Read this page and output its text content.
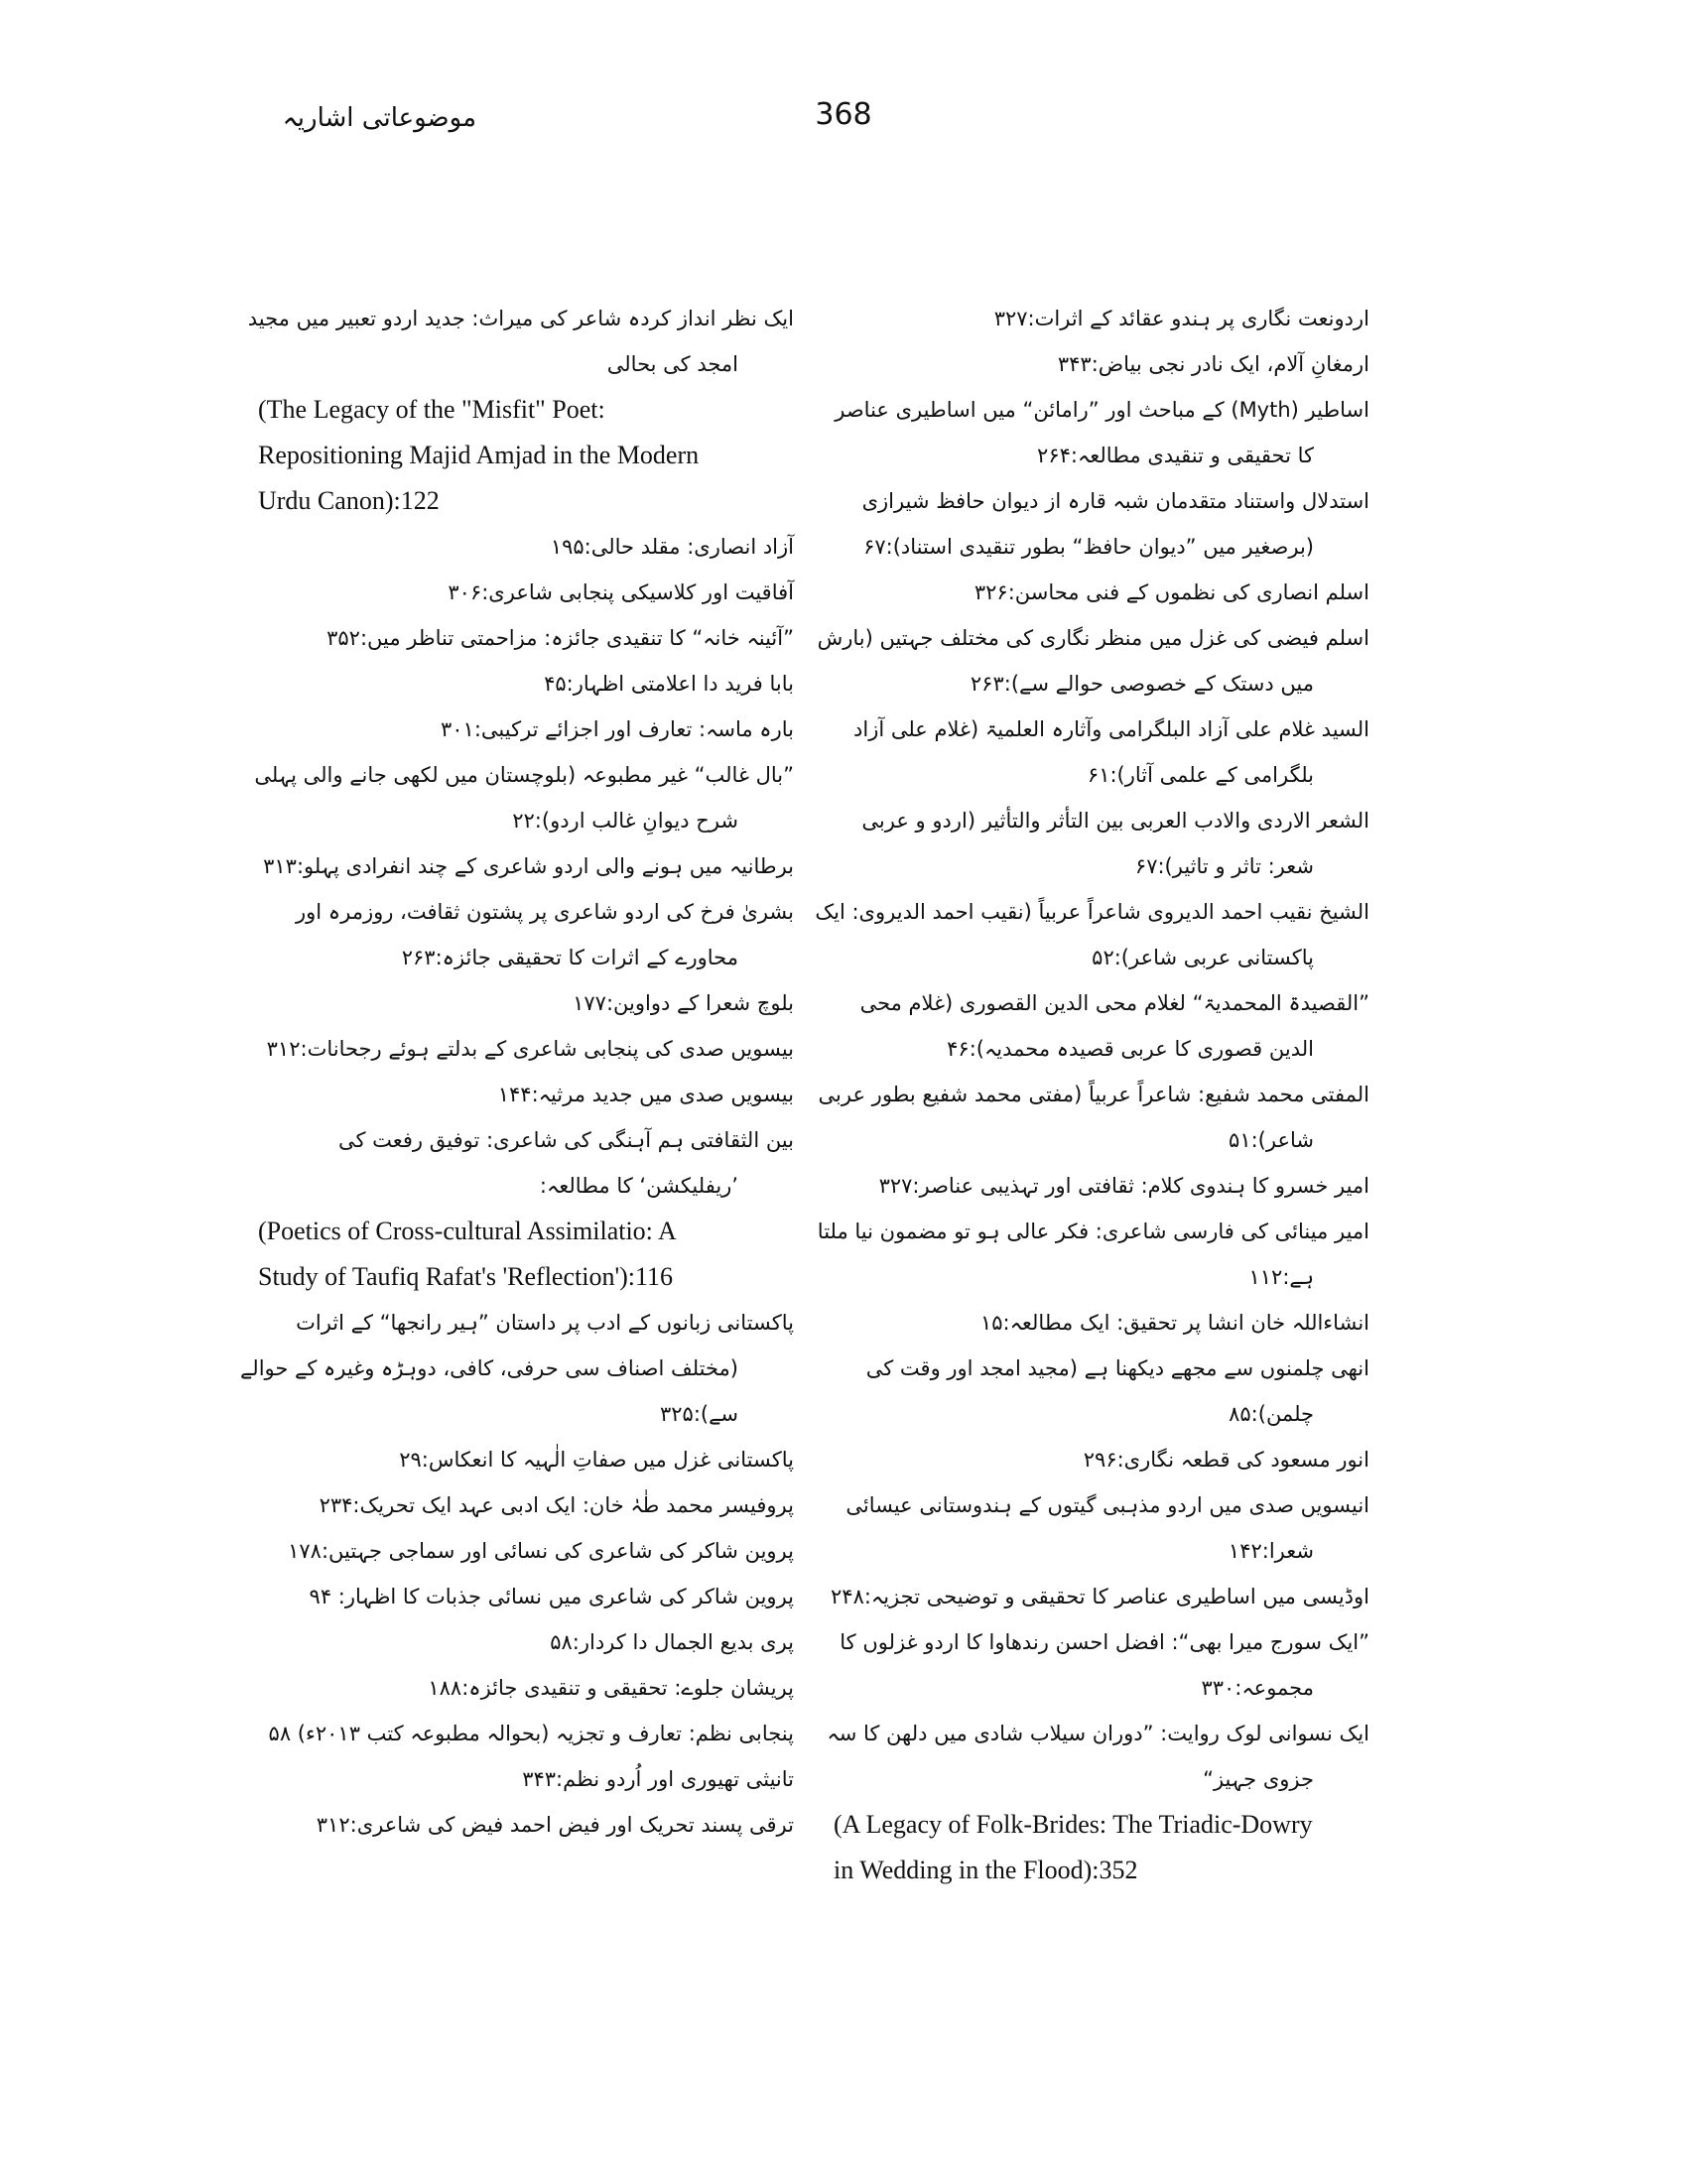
موضوعاتی اشاریہ	368

اردونعت نگاری پر ہندو عقائد کے اثرات:۳۲۷

ارمغانِ آلام، ایک نادر نجی بیاض:۳۴۳

اساطیر (Myth) کے مباحث اور ”رامائن“ میں اساطیری عناصر کا تحقیقی و تنقیدی مطالعہ:۲۶۴

استدلال واستناد متقدمان شبہ قارہ از دیوان حافظ شیرازی (برصغیر میں ”دیوان حافظ“ بطور تنقیدی استناد):۶۷

اسلم انصاری کی نظموں کے فنی محاسن:۳۲۶

اسلم فیضی کی غزل میں منظر نگاری کی مختلف جہتیں (بارش میں دستک کے خصوصی حوالے سے):۲۶۳

السید غلام علی آزاد البلگرامی وآثارہ العلمیۃ (غلام علی آزاد بلگرامی کے علمی آثار):۶۱

الشعر الاردی والادب العربی بین التأثر والتأثیر (اردو و عربی شعر: تاثر و تاثیر):۶۷

الشیخ نقیب احمد الدیروی شاعراً عربیاً (نقیب احمد الدیروی: ایک پاکستانی عربی شاعر):۵۲

”القصیدۃ المحمدیۃ“ لغلام محی الدین القصوری (غلام محی الدین قصوری کا عربی قصیدہ محمدیہ):۴۶

المفتی محمد شفیع: شاعراً عربیاً (مفتی محمد شفیع بطور عربی شاعر):۵۱

امیر خسرو کا ہندوی کلام: ثقافتی اور تہذیبی عناصر:۳۲۷

امیر مینائی کی فارسی شاعری: فکر عالی ہو تو مضمون نیا ملتا ہے:۱۱۲

انشاءاللہ خان انشا پر تحقیق: ایک مطالعہ:۱۵

انھی چلمنوں سے مجھے دیکھنا ہے (مجید امجد اور وقت کی چلمن):۸۵

انور مسعود کی قطعہ نگاری:۲۹۶

انیسویں صدی میں اردو مذہبی گیتوں کے ہندوستانی عیسائی شعرا:۱۴۲

اوڈیسی میں اساطیری عناصر کا تحقیقی و توضیحی تجزیہ:۲۴۸

”ایک سورج میرا بھی“: افضل احسن رندھاوا کا اردو غزلوں کا مجموعہ:۳۳۰

ایک نسوانی لوک روایت: ”دوران سیلاب شادی میں دلھن کا سہ جزوی جہیز“
(A Legacy of Folk-Brides: The Triadic-Dowry in Wedding in the Flood):352

ایک نظر انداز کردہ شاعر کی میراث: جدید اردو تعبیر میں مجید امجد کی بحالی
(The Legacy of the "Misfit" Poet: Repositioning Majid Amjad in the Modern Urdu Canon):122

آزاد انصاری: مقلد حالی:۱۹۵

آفاقیت اور کلاسیکی پنجابی شاعری:۳۰۶

”آئینہ خانہ“ کا تنقیدی جائزہ: مزاحمتی تناظر میں:۳۵۲

بابا فرید دا اعلامتی اظہار:۴۵

بارہ ماسہ: تعارف اور اجزائے ترکیبی:۳۰۱

”بال غالب“ غیر مطبوعہ (بلوچستان میں لکھی جانے والی پہلی شرح دیوانِ غالب اردو):۲۲

برطانیہ میں ہونے والی اردو شاعری کے چند انفرادی پہلو:۳۱۳

بشریٰ فرخ کی اردو شاعری پر پشتون ثقافت، روزمرہ اور محاورے کے اثرات کا تحقیقی جائزہ:۲۶۳

بلوچ شعرا کے دواوین:۱۷۷

بیسویں صدی کی پنجابی شاعری کے بدلتے ہوئے رجحانات:۳۱۲

بیسویں صدی میں جدید مرثیہ:۱۴۴

بین الثقافتی ہم آہنگی کی شاعری: توفیق رفعت کی ’ریفلیکشن‘ کا مطالعہ:
(Poetics of Cross-cultural Assimilatio: A Study of Taufiq Rafat's 'Reflection'):116

پاکستانی زبانوں کے ادب پر داستان ”ہیر رانجھا“ کے اثرات (مختلف اصناف سی حرفی، کافی، دوہڑہ وغیرہ کے حوالے سے):۳۲۵

پاکستانی غزل میں صفاتِ الٰہیہ کا انعکاس:۲۹

پروفیسر محمد طٰہٰ خان: ایک ادبی عہد ایک تحریک:۲۳۴

پروین شاکر کی شاعری کی نسائی اور سماجی جہتیں:۱۷۸

پروین شاکر کی شاعری میں نسائی جذبات کا اظہار: ۹۴

پری بدیع الجمال دا کردار:۵۸

پریشان جلوے: تحقیقی و تنقیدی جائزہ:۱۸۸

پنجابی نظم: تعارف و تجزیہ (بحوالہ مطبوعہ کتب ۲۰۱۳ء) ۵۸

تانیثی تھیوری اور اُردو نظم:۳۴۳

ترقی پسند تحریک اور فیض احمد فیض کی شاعری:۳۱۲
